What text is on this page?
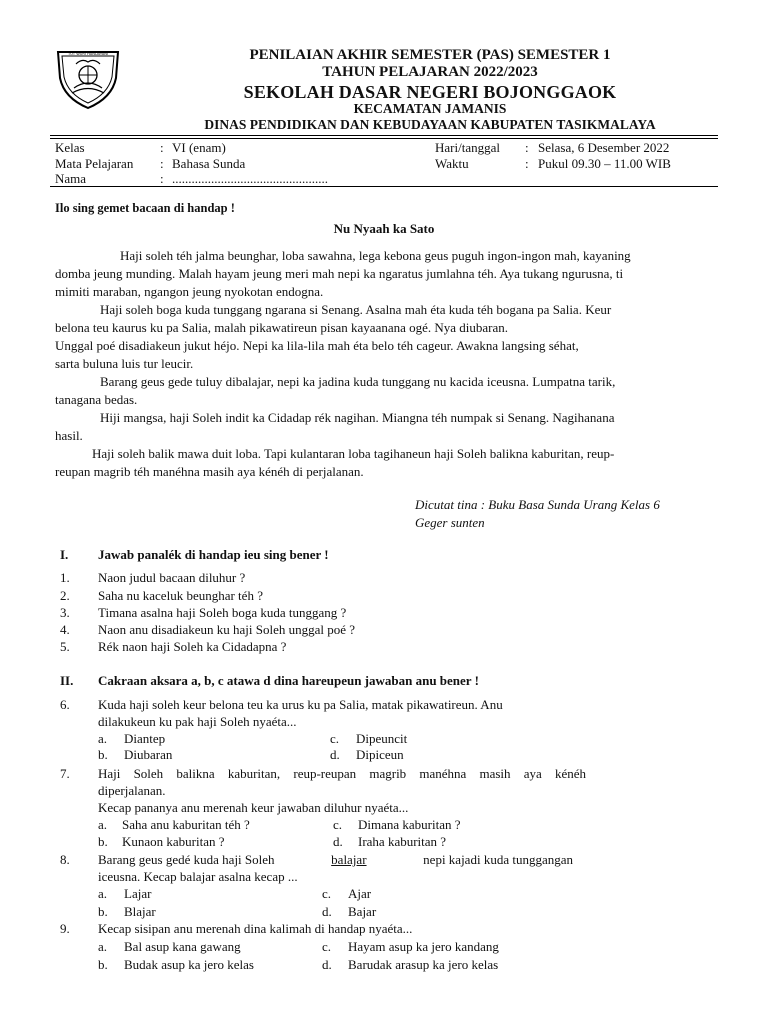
TUT WURI HANDAYANI	PENILAIAN AKHIR SEMESTER (PAS) SEMESTER 1
TAHUN PELAJARAN 2022/2023
SEKOLAH DASAR NEGERI BOJONGGAOK
KECAMATAN JAMANIS
DINAS PENDIDIKAN DAN KEBUDAYAAN KABUPATEN TASIKMALAYA
Kelas	: VI (enam)
Mata Pelajaran : Bahasa Sunda
Nama	: ................................................
Hari/tanggal : Selasa, 6 Desember 2022
Waktu	: Pukul 09.30 – 11.00 WIB
Ilo sing gemet bacaan di handap !
Nu Nyaah ka Sato
Haji soleh téh jalma beunghar, loba sawahna, lega kebona geus puguh ingon-ingon mah, kayaning
domba jeung munding. Malah hayam jeung meri mah nepi ka ngaratus jumlahna téh. Aya tukang ngurusna, ti
mimiti maraban, ngangon jeung nyokotan endogna.
Haji soleh boga kuda tunggang ngarana si Senang. Asalna mah éta kuda téh bogana pa Salia. Keur
belona teu kaurus ku pa Salia, malah pikawatireun pisan kayaanana ogé. Nya diubaran.
Unggal poé disadiakeun jukut héjo. Nepi ka lila-lila mah éta belo téh cageur. Awakna langsing séhat,
sarta buluna luis tur leucir.
Barang geus gede tuluy dibalajar, nepi ka jadina kuda tunggang nu kacida iceusna. Lumpatna tarik,
tanagana bedas.
Hiji mangsa, haji Soleh indit ka Cidadap rék nagihan. Miangna téh numpak si Senang. Nagihanana
hasil.
Haji soleh balik mawa duit loba. Tapi kulantaran loba tagihaneun haji Soleh balikna kaburitan, reup-
reupan magrib téh manéhna masih aya kénéh di perjalanan.
Dicutat tina : Buku Basa Sunda Urang Kelas 6
Geger sunten
I. Jawab panalék di handap ieu sing bener !
1. Naon judul bacaan diluhur ?
2. Saha nu kaceluk beunghar téh ?
3. Timana asalna haji Soleh boga kuda tunggang ?
4. Naon anu disadiakeun ku haji Soleh unggal poé ?
5. Rék naon haji Soleh ka Cidadapna ?
II. Cakraan aksara a, b, c atawa d dina hareupeun jawaban anu bener !
6. Kuda haji soleh keur belona teu ka urus ku pa Salia, matak pikawatireun. Anu
dilakukeun ku pak haji Soleh nyaéta...
a. Diantep	c. Dipeuncit
b. Diubaran	d. Dipiceun
7. Haji Soleh balikna kaburitan, reup-reupan magrib manéhna masih aya kénéh
diperjalanan.
Kecap pananya anu merenah keur jawaban diluhur nyaéta...
a. Saha anu kaburitan téh ?	c. Dimana kaburitan ?
b. Kunaon kaburitan ?	d. Iraha kaburitan ?
8. Barang geus gedé kuda haji Soleh	balajar	nepi kajadi kuda tunggangan
iceusna. Kecap balajar asalna kecap ...
a. Lajar	c. Ajar
b. Blajar	d. Bajar
9. Kecap sisipan anu merenah dina kalimah di handap nyaéta...
a. Bal asup kana gawang	c. Hayam asup ka jero kandang
b. Budak asup ka jero kelas	d. Barudak arasup ka jero kelas
